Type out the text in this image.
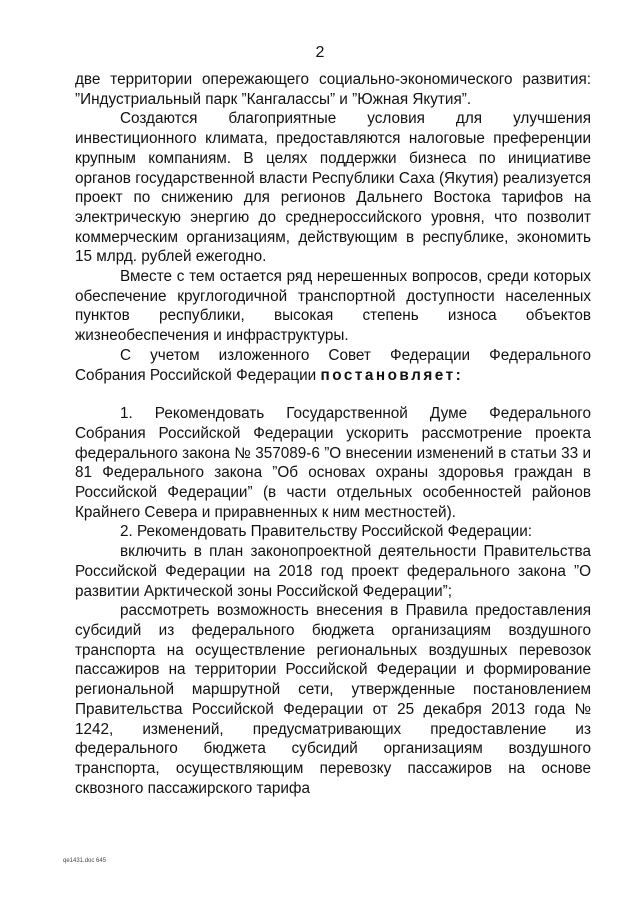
2

две территории опережающего социально-экономического развития: ”Индустриальный парк ”Кангалассы” и ”Южная Якутия”.

Создаются благоприятные условия для улучшения инвестиционного климата, предоставляются налоговые преференции крупным компаниям. В целях поддержки бизнеса по инициативе органов государственной власти Республики Саха (Якутия) реализуется проект по снижению для регионов Дальнего Востока тарифов на электрическую энергию до среднероссийского уровня, что позволит коммерческим организациям, действующим в республике, экономить 15 млрд. рублей ежегодно.

Вместе с тем остается ряд нерешенных вопросов, среди которых обеспечение круглогодичной транспортной доступности населенных пунктов республики, высокая степень износа объектов жизнеобеспечения и инфраструктуры.

С учетом изложенного Совет Федерации Федерального Собрания Российской Федерации постановляет:

1. Рекомендовать Государственной Думе Федерального Собрания Российской Федерации ускорить рассмотрение проекта федерального закона № 357089-6 ”О внесении изменений в статьи 33 и 81 Федерального закона ”Об основах охраны здоровья граждан в Российской Федерации” (в части отдельных особенностей районов Крайнего Севера и приравненных к ним местностей).

2. Рекомендовать Правительству Российской Федерации:

включить в план законопроектной деятельности Правительства Российской Федерации на 2018 год проект федерального закона ”О развитии Арктической зоны Российской Федерации”;

рассмотреть возможность внесения в Правила предоставления субсидий из федерального бюджета организациям воздушного транспорта на осуществление региональных воздушных перевозок пассажиров на территории Российской Федерации и формирование региональной маршрутной сети, утвержденные постановлением Правительства Российской Федерации от 25 декабря 2013 года № 1242, изменений, предусматривающих предоставление из федерального бюджета субсидий организациям воздушного транспорта, осуществляющим перевозку пассажиров на основе сквозного пассажирского тарифа

qe1431.doc 645
